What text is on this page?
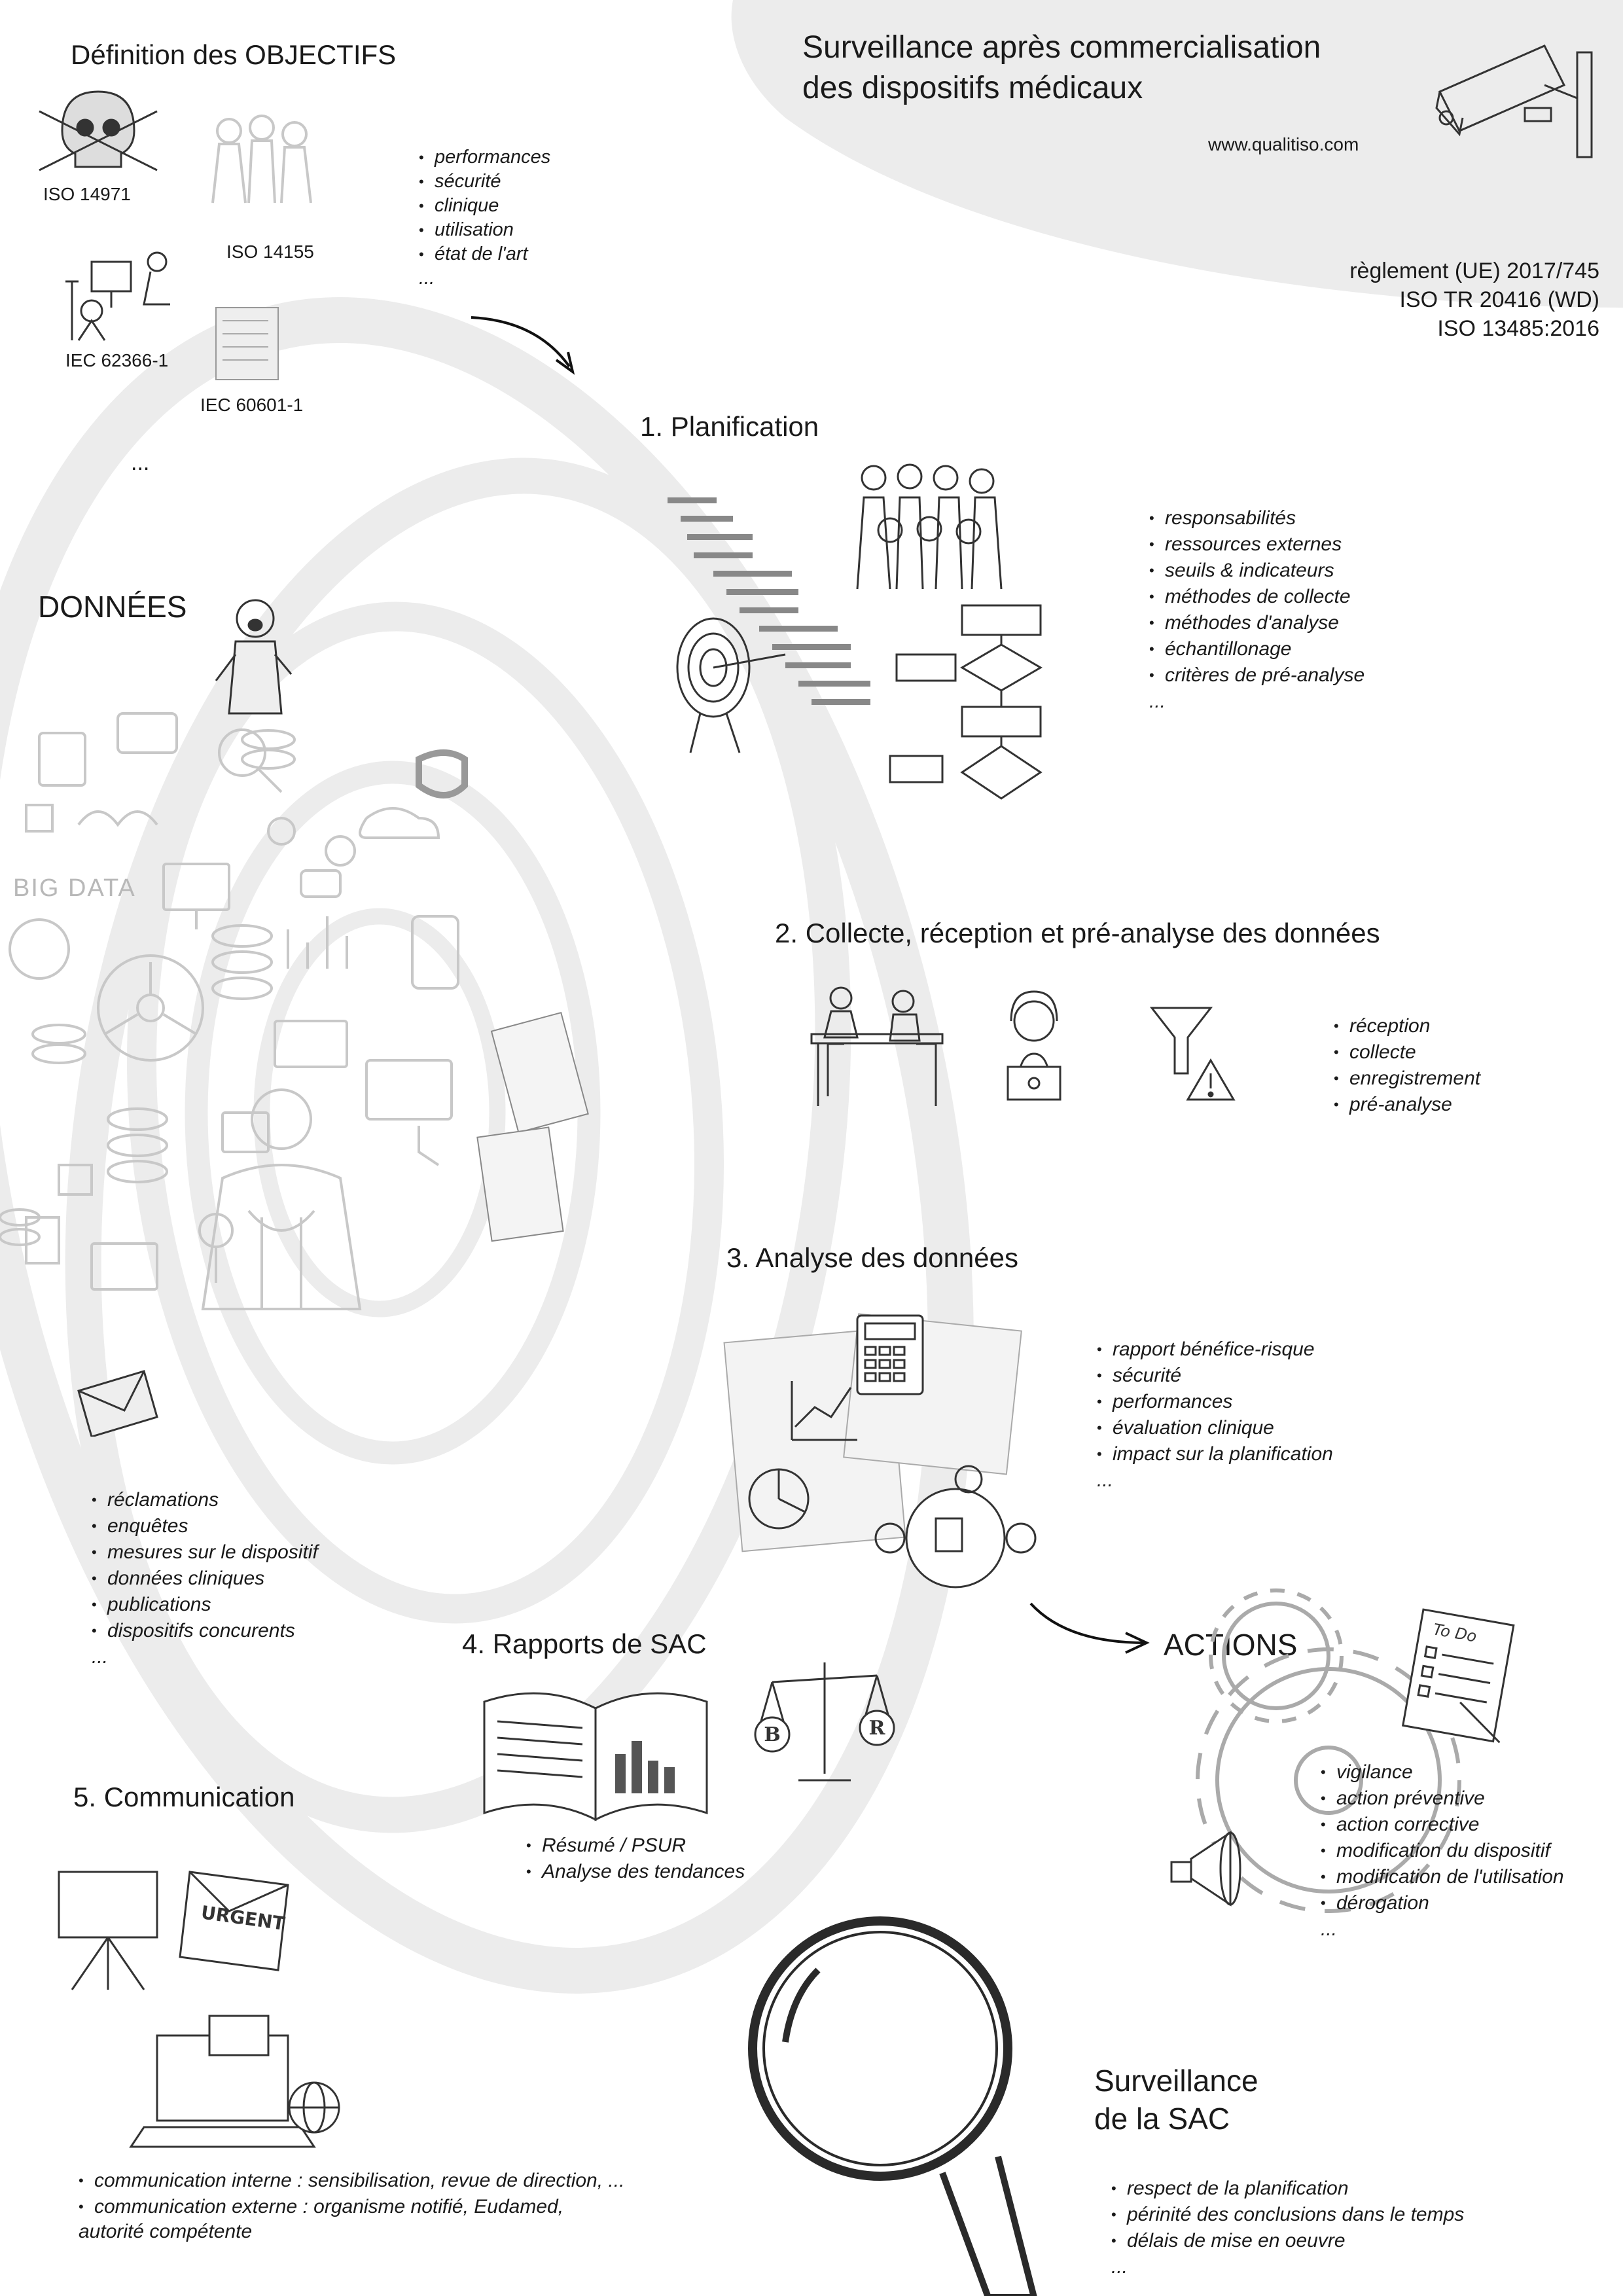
Surveillance après commercialisation
des dispositifs médicaux
www.qualitiso.com
règlement (UE) 2017/745
ISO TR 20416 (WD)
ISO 13485:2016
Définition des OBJECTIFS
ISO 14971
ISO 14155
IEC 62366-1
IEC 60601-1
...
• performances
• sécurité
• clinique
• utilisation
• état de l'art
...
1. Planification
• responsabilités
• ressources externes
• seuils & indicateurs
• méthodes de collecte
• méthodes d'analyse
• échantillonage
• critères de pré-analyse
...
DONNÉES
BIG DATA
• réclamations
• enquêtes
• mesures sur le dispositif
• données cliniques
• publications
• dispositifs concurents
...
2. Collecte, réception et pré-analyse des données
• réception
• collecte
• enregistrement
• pré-analyse
3. Analyse des données
• rapport bénéfice-risque
• sécurité
• performances
• évaluation clinique
• impact sur la planification
...
ACTIONS	To Do
• vigilance
• action préventive
• action corrective
• modification du dispositif
• modification de l'utilisation
• dérogation
...
4. Rapports de SAC
B	R
• Résumé / PSUR
• Analyse des tendances
5. Communication
URGENT
• communication interne : sensibilisation, revue de direction, ...
• communication externe : organisme notifié, Eudamed,
autorité compétente
Surveillance
de la SAC
• respect de la planification
• périnité des conclusions dans le temps
• délais de mise en oeuvre
...
